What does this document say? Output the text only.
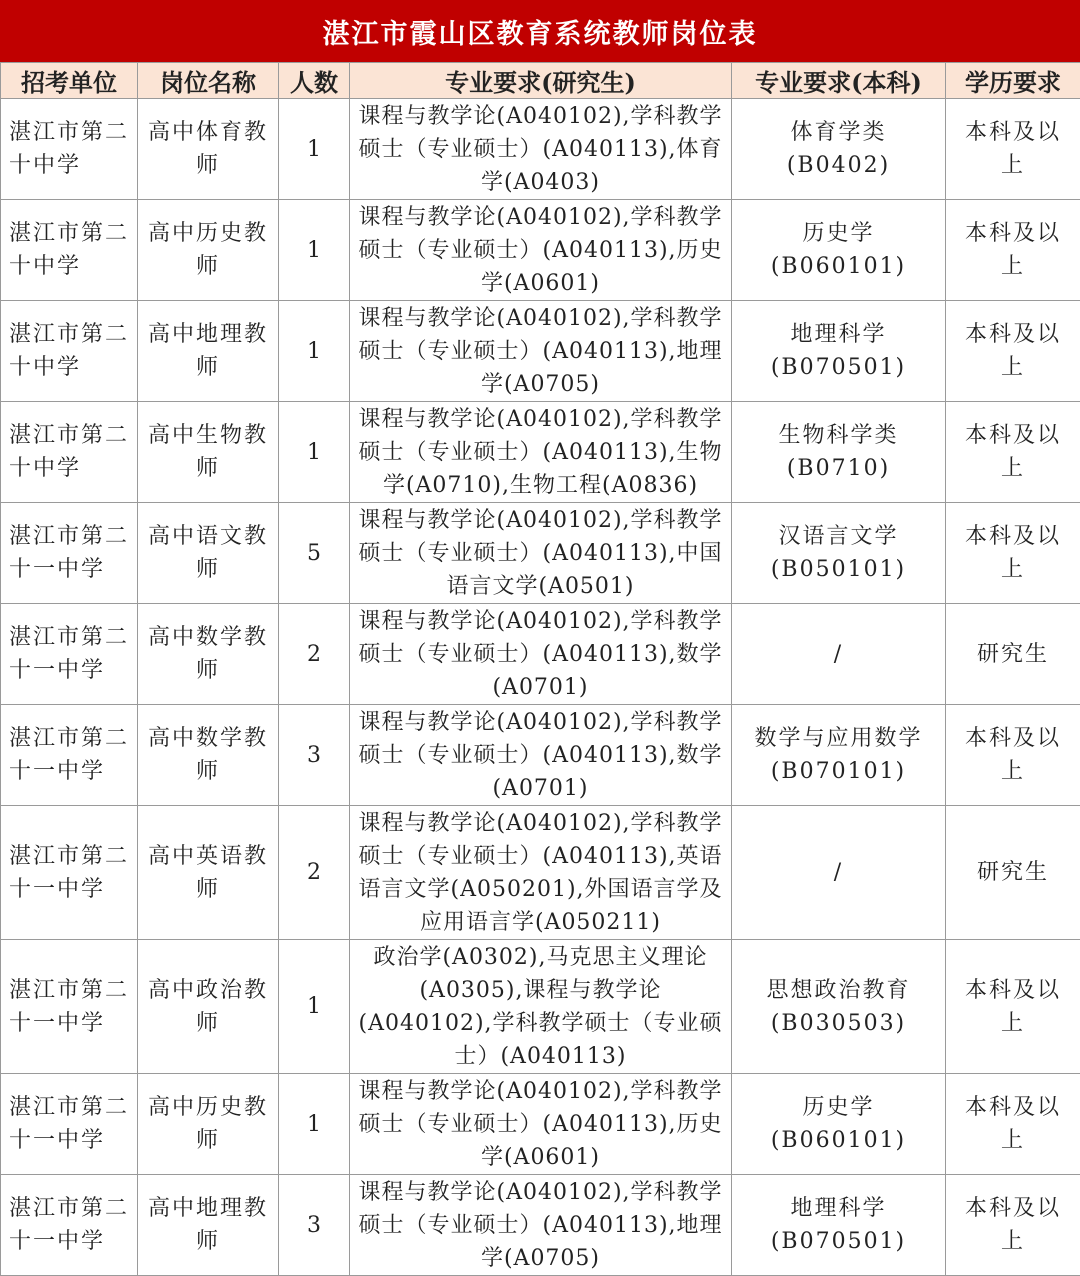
湛江市霞山区教育系统教师岗位表
招考单位	岗位名称	人数	专业要求(研究生)	专业要求(本科)	学历要求
湛江市第二十中学	高中体育教师	1	课程与教学论(A040102),学科教学硕士（专业硕士）(A040113),体育学(A0403)	体育学类(B0402)	本科及以上
湛江市第二十中学	高中历史教师	1	课程与教学论(A040102),学科教学硕士（专业硕士）(A040113),历史学(A0601)	历史学(B060101)	本科及以上
湛江市第二十中学	高中地理教师	1	课程与教学论(A040102),学科教学硕士（专业硕士）(A040113),地理学(A0705)	地理科学(B070501)	本科及以上
湛江市第二十中学	高中生物教师	1	课程与教学论(A040102),学科教学硕士（专业硕士）(A040113),生物学(A0710),生物工程(A0836)	生物科学类(B0710)	本科及以上
湛江市第二十一中学	高中语文教师	5	课程与教学论(A040102),学科教学硕士（专业硕士）(A040113),中国语言文学(A0501)	汉语言文学(B050101)	本科及以上
湛江市第二十一中学	高中数学教师	2	课程与教学论(A040102),学科教学硕士（专业硕士）(A040113),数学(A0701)	/	研究生
湛江市第二十一中学	高中数学教师	3	课程与教学论(A040102),学科教学硕士（专业硕士）(A040113),数学(A0701)	数学与应用数学(B070101)	本科及以上
湛江市第二十一中学	高中英语教师	2	课程与教学论(A040102),学科教学硕士（专业硕士）(A040113),英语语言文学(A050201),外国语言学及应用语言学(A050211)	/	研究生
湛江市第二十一中学	高中政治教师	1	政治学(A0302),马克思主义理论(A0305),课程与教学论(A040102),学科教学硕士（专业硕士）(A040113)	思想政治教育(B030503)	本科及以上
湛江市第二十一中学	高中历史教师	1	课程与教学论(A040102),学科教学硕士（专业硕士）(A040113),历史学(A0601)	历史学(B060101)	本科及以上
湛江市第二十一中学	高中地理教师	3	课程与教学论(A040102),学科教学硕士（专业硕士）(A040113),地理学(A0705)	地理科学(B070501)	本科及以上
